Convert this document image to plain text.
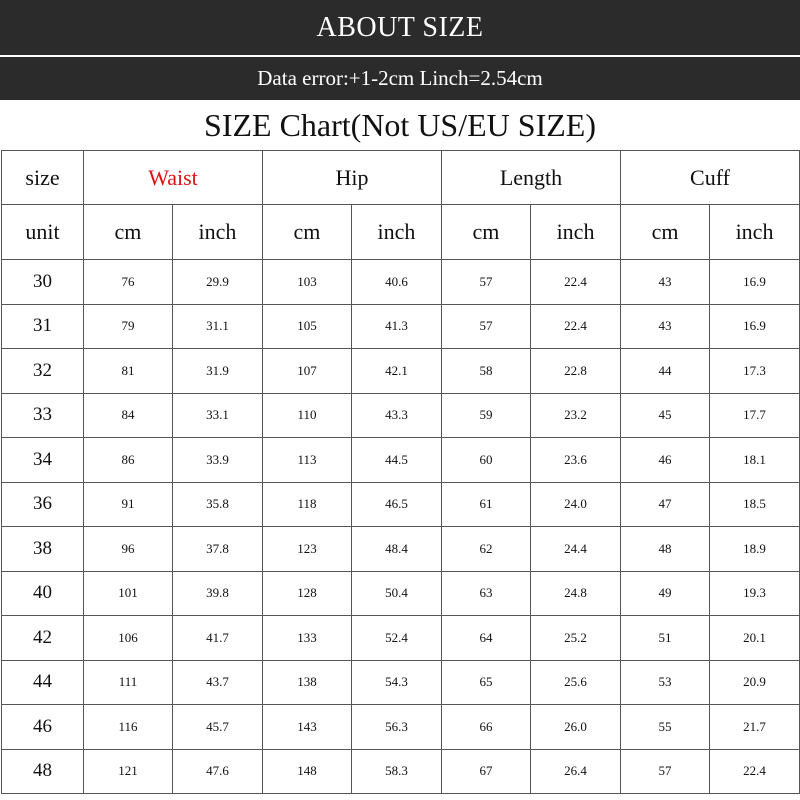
ABOUT SIZE
Data error:+1-2cm Linch=2.54cm
SIZE Chart(Not US/EU SIZE)
size	Waist		Hip		Length		Cuff	
unit	cm	inch	cm	inch	cm	inch	cm	inch
30	76	29.9	103	40.6	57	22.4	43	16.9
31	79	31.1	105	41.3	57	22.4	43	16.9
32	81	31.9	107	42.1	58	22.8	44	17.3
33	84	33.1	110	43.3	59	23.2	45	17.7
34	86	33.9	113	44.5	60	23.6	46	18.1
36	91	35.8	118	46.5	61	24.0	47	18.5
38	96	37.8	123	48.4	62	24.4	48	18.9
40	101	39.8	128	50.4	63	24.8	49	19.3
42	106	41.7	133	52.4	64	25.2	51	20.1
44	111	43.7	138	54.3	65	25.6	53	20.9
46	116	45.7	143	56.3	66	26.0	55	21.7
48	121	47.6	148	58.3	67	26.4	57	22.4
